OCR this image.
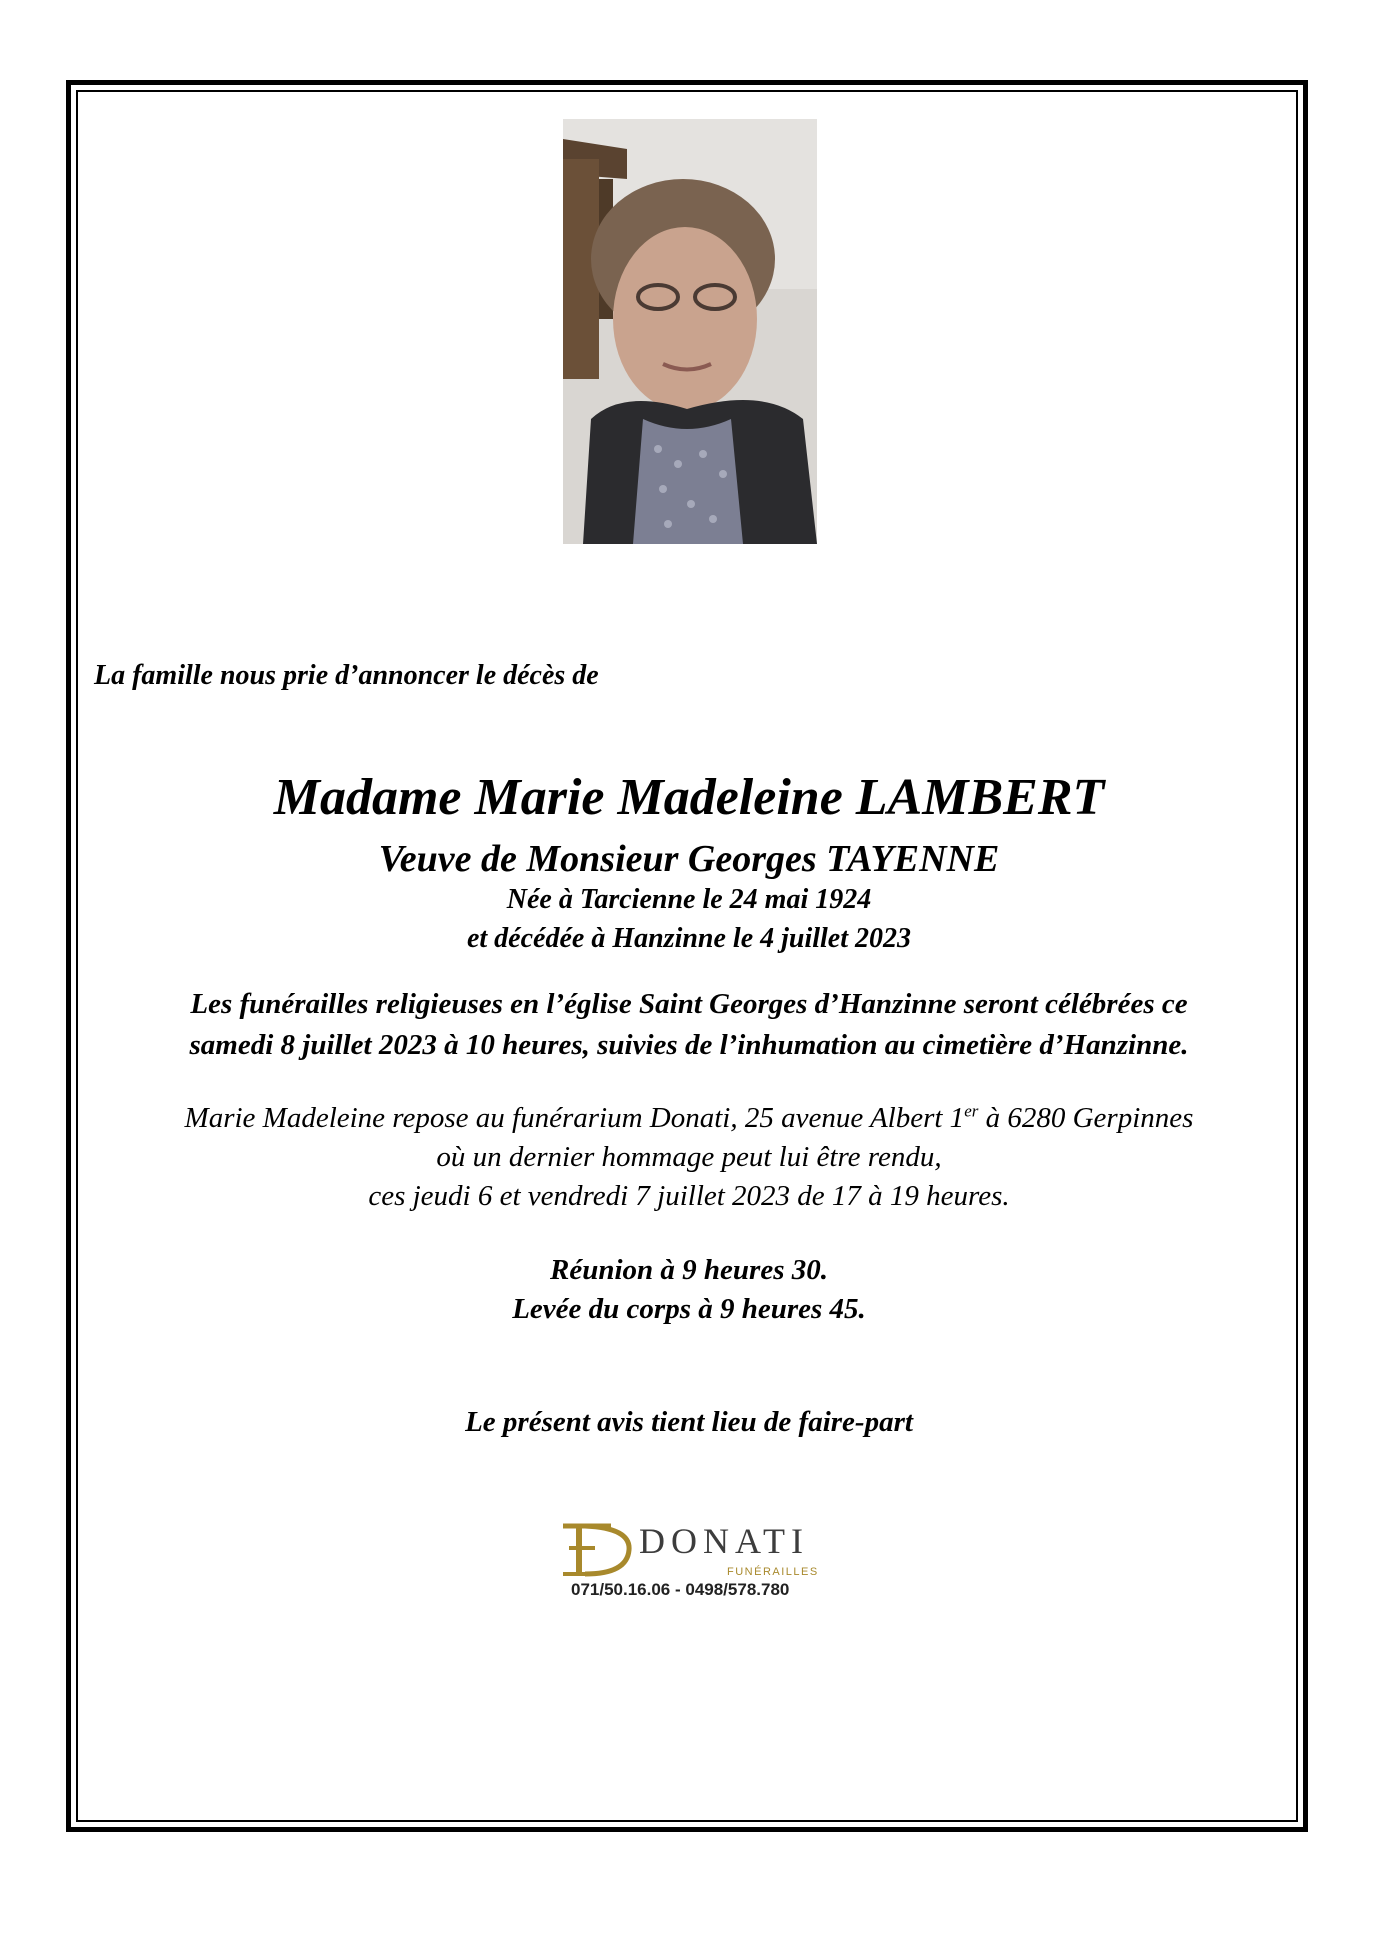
La famille nous prie d’annoncer le décès de
Madame Marie Madeleine LAMBERT
Veuve de Monsieur Georges TAYENNE
Née à Tarcienne le 24 mai 1924
et décédée à Hanzinne le 4 juillet 2023
Les funérailles religieuses en l’église Saint Georges d’Hanzinne seront célébrées ce
samedi 8 juillet 2023 à 10 heures, suivies de l’inhumation au cimetière d’Hanzinne.
Marie Madeleine repose au funérarium Donati, 25 avenue Albert 1er à 6280 Gerpinnes
où un dernier hommage peut lui être rendu,
ces jeudi 6 et vendredi 7 juillet 2023 de 17 à 19 heures.
Réunion à 9 heures 30.
Levée du corps à 9 heures 45.
Le présent avis tient lieu de faire-part
DONATI
FUNÉRAILLES
071/50.16.06 - 0498/578.780
